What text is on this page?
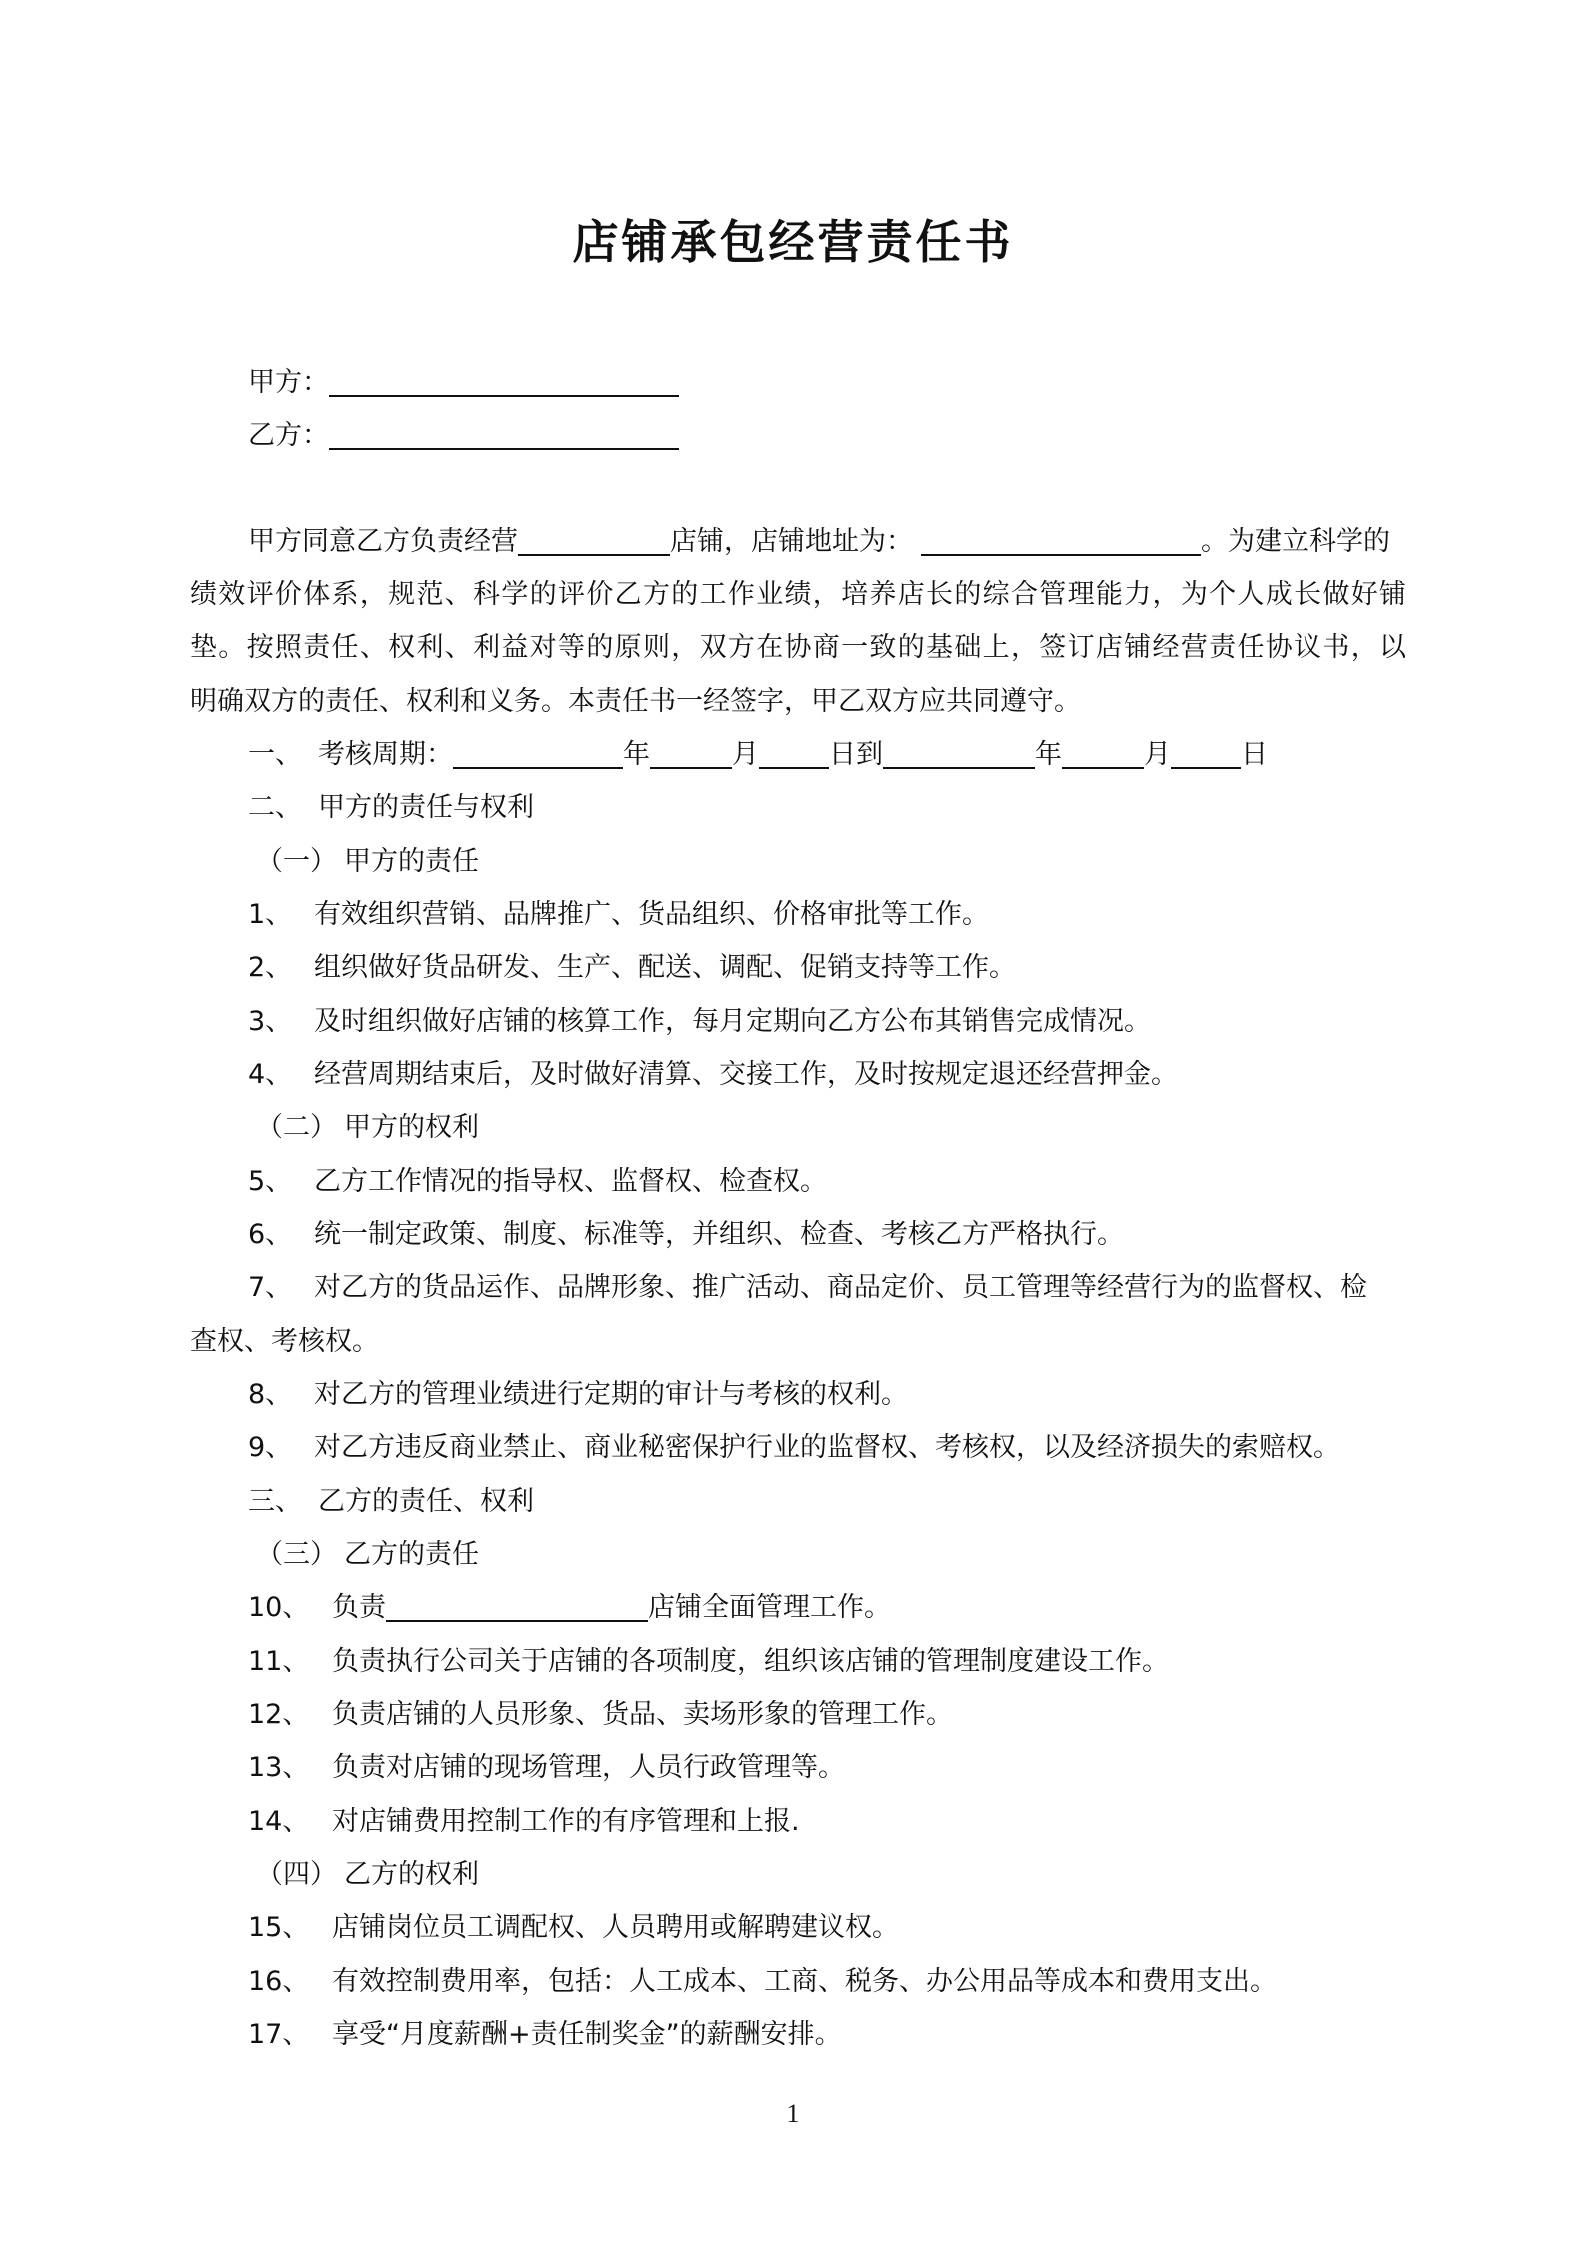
店铺承包经营责任书
甲方：
乙方：
甲方同意乙方负责经营	店铺，店铺地址为：	。为建立科学的
绩效评价体系，规范、科学的评价乙方的工作业绩，培养店长的综合管理能力，为个人成长做好铺
垫。按照责任、权利、利益对等的原则，双方在协商一致的基础上，签订店铺经营责任协议书，以
明确双方的责任、权利和义务。本责任书一经签字，甲乙双方应共同遵守。
一、 考核周期：	年	月	日到	年	月	日
二、 甲方的责任与权利
（一） 甲方的责任
1、 有效组织营销、品牌推广、货品组织、价格审批等工作。
2、 组织做好货品研发、生产、配送、调配、促销支持等工作。
3、 及时组织做好店铺的核算工作，每月定期向乙方公布其销售完成情况。
4、 经营周期结束后，及时做好清算、交接工作，及时按规定退还经营押金。
（二） 甲方的权利
5、 乙方工作情况的指导权、监督权、检查权。
6、 统一制定政策、制度、标准等，并组织、检查、考核乙方严格执行。
7、 对乙方的货品运作、品牌形象、推广活动、商品定价、员工管理等经营行为的监督权、检
查权、考核权。
8、 对乙方的管理业绩进行定期的审计与考核的权利。
9、 对乙方违反商业禁止、商业秘密保护行业的监督权、考核权，以及经济损失的索赔权。
三、 乙方的责任、权利
（三） 乙方的责任
10、 负责	店铺全面管理工作。
11、 负责执行公司关于店铺的各项制度，组织该店铺的管理制度建设工作。
12、 负责店铺的人员形象、货品、卖场形象的管理工作。
13、 负责对店铺的现场管理，人员行政管理等。
14、 对店铺费用控制工作的有序管理和上报.
（四） 乙方的权利
15、 店铺岗位员工调配权、人员聘用或解聘建议权。
16、 有效控制费用率，包括：人工成本、工商、税务、办公用品等成本和费用支出。
17、 享受“月度薪酬+责任制奖金”的薪酬安排。
1
